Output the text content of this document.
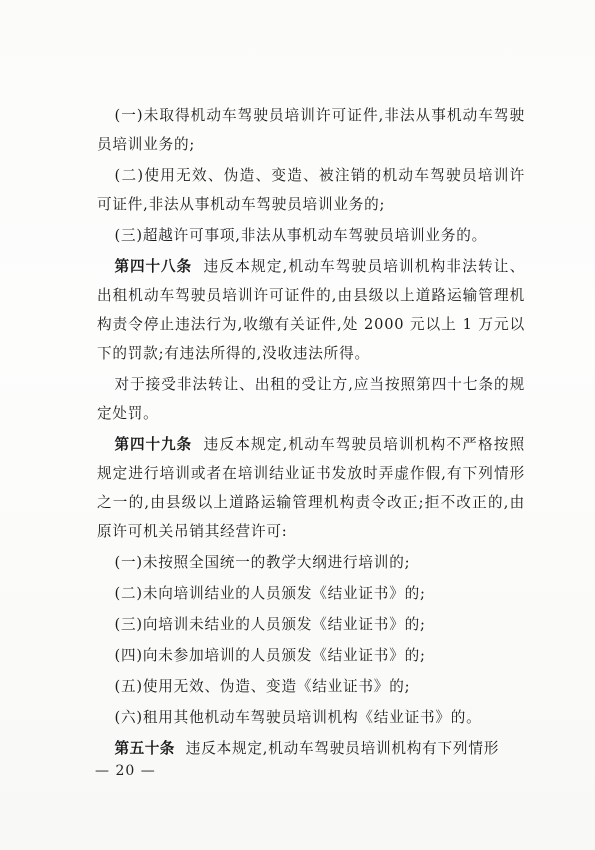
(一)未取得机动车驾驶员培训许可证件,非法从事机动车驾驶员培训业务的;

(二)使用无效、伪造、变造、被注销的机动车驾驶员培训许可证件,非法从事机动车驾驶员培训业务的;

(三)超越许可事项,非法从事机动车驾驶员培训业务的。

第四十八条 违反本规定,机动车驾驶员培训机构非法转让、出租机动车驾驶员培训许可证件的,由县级以上道路运输管理机构责令停止违法行为,收缴有关证件,处 2000 元以上 1 万元以下的罚款;有违法所得的,没收违法所得。

对于接受非法转让、出租的受让方,应当按照第四十七条的规定处罚。

第四十九条 违反本规定,机动车驾驶员培训机构不严格按照规定进行培训或者在培训结业证书发放时弄虚作假,有下列情形之一的,由县级以上道路运输管理机构责令改正;拒不改正的,由原许可机关吊销其经营许可:

(一)未按照全国统一的教学大纲进行培训的;

(二)未向培训结业的人员颁发《结业证书》的;

(三)向培训未结业的人员颁发《结业证书》的;

(四)向未参加培训的人员颁发《结业证书》的;

(五)使用无效、伪造、变造《结业证书》的;

(六)租用其他机动车驾驶员培训机构《结业证书》的。

第五十条 违反本规定,机动车驾驶员培训机构有下列情形

— 20 —
